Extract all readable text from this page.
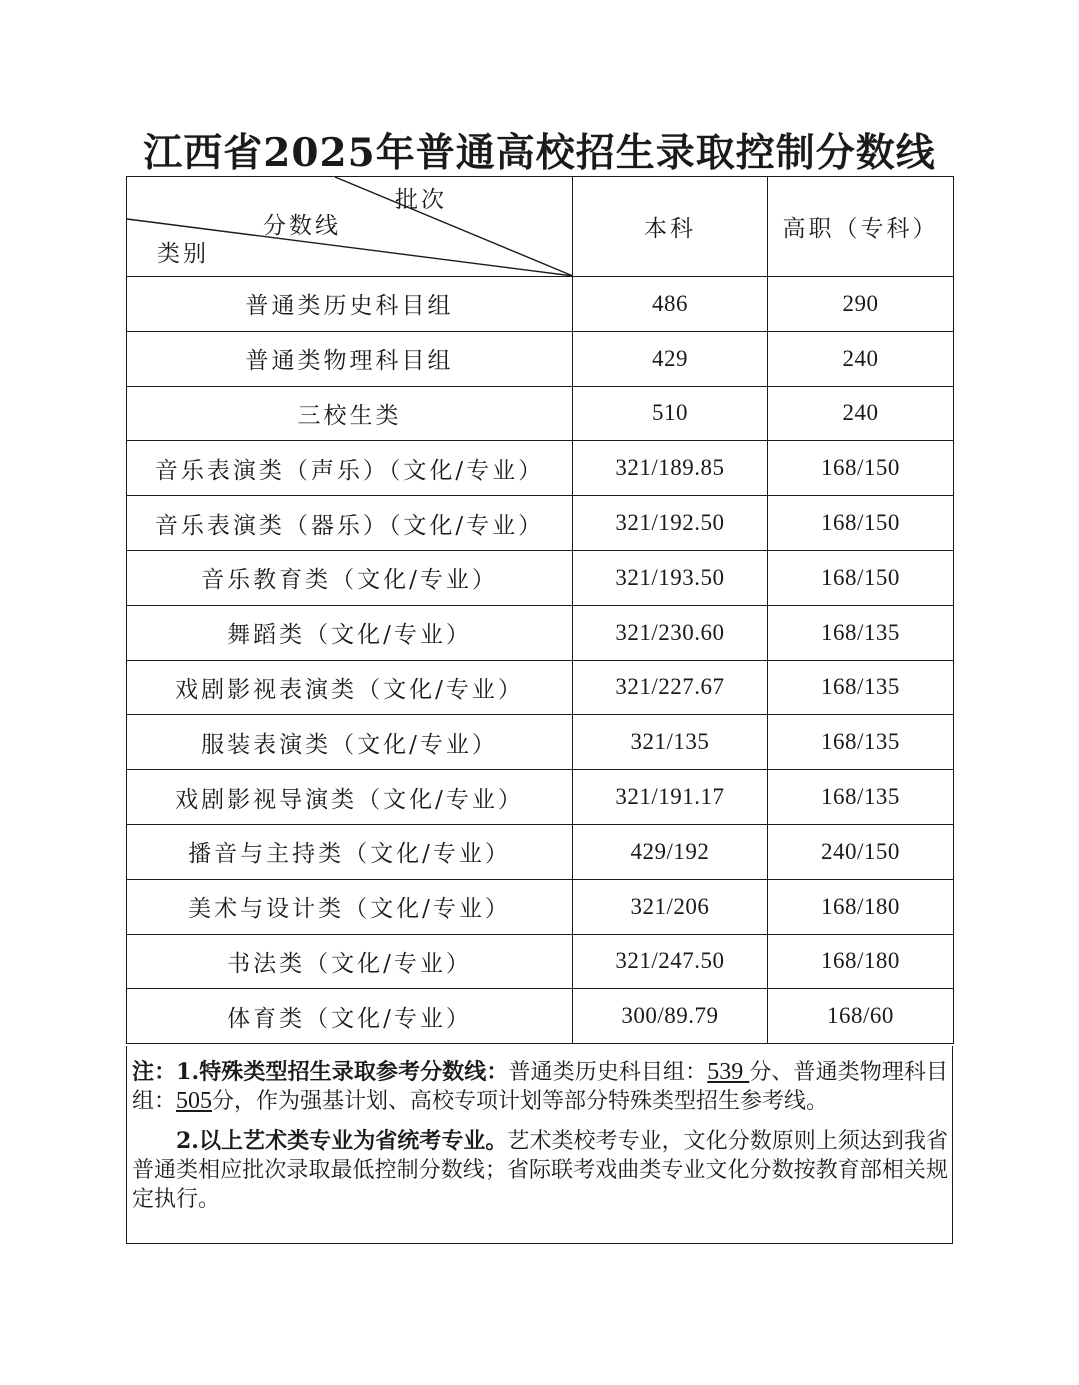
江西省2025年普通高校招生录取控制分数线
批次
分数线
类别	本科	高职（专科）
普通类历史科目组	486	290
普通类物理科目组	429	240
三校生类	510	240
音乐表演类（声乐）（文化/专业）	321/189.85	168/150
音乐表演类（器乐）（文化/专业）	321/192.50	168/150
音乐教育类（文化/专业）	321/193.50	168/150
舞蹈类（文化/专业）	321/230.60	168/135
戏剧影视表演类（文化/专业）	321/227.67	168/135
服装表演类（文化/专业）	321/135	168/135
戏剧影视导演类（文化/专业）	321/191.17	168/135
播音与主持类（文化/专业）	429/192	240/150
美术与设计类（文化/专业）	321/206	168/180
书法类（文化/专业）	321/247.50	168/180
体育类（文化/专业）	300/89.79	168/60

注：1.特殊类型招生录取参考分数线：普通类历史科目组：539 分、普通类物理科目组：505分，作为强基计划、高校专项计划等部分特殊类型招生参考线。

2.以上艺术类专业为省统考专业。艺术类校考专业，文化分数原则上须达到我省普通类相应批次录取最低控制分数线；省际联考戏曲类专业文化分数按教育部相关规定执行。
